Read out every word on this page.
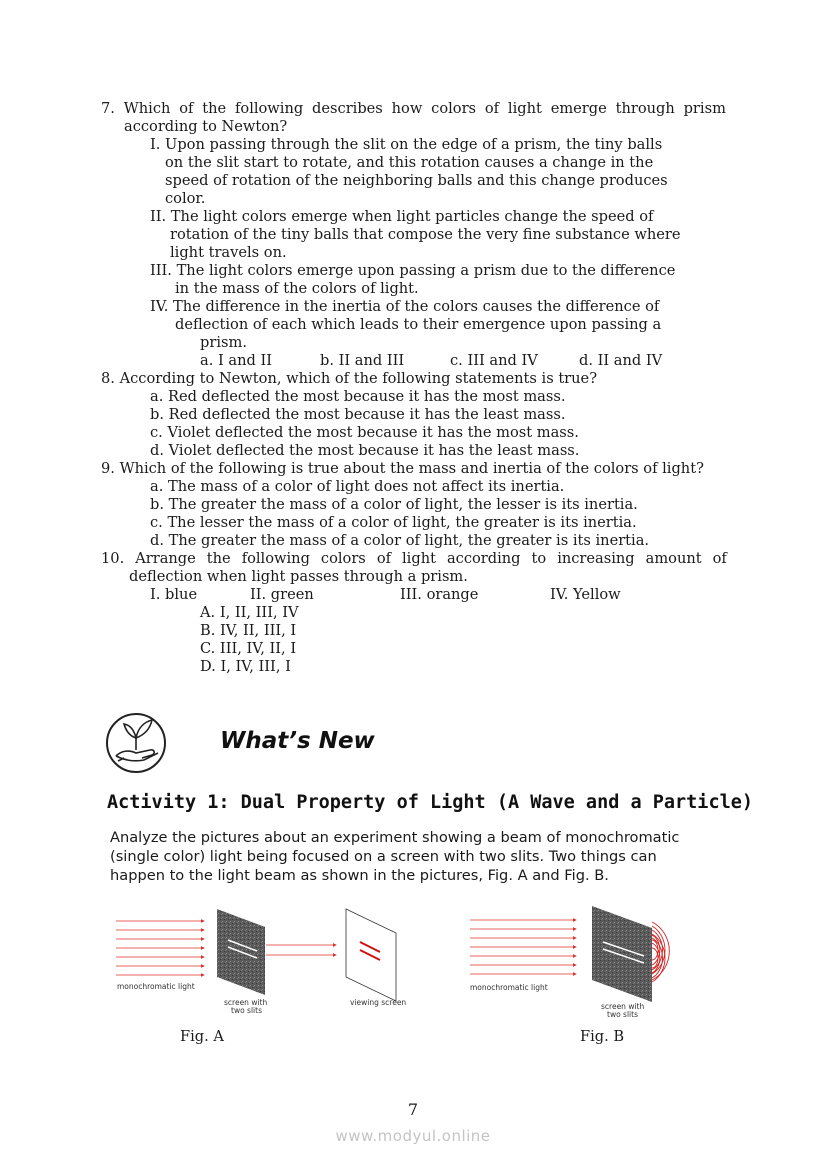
7. Which of the following describes how colors of light emerge through prism
according to Newton?
I. Upon passing through the slit on the edge of a prism, the tiny balls
on the slit start to rotate, and this rotation causes a change in the
speed of rotation of the neighboring balls and this change produces
color.
II. The light colors emerge when light particles change the speed of
rotation of the tiny balls that compose the very fine substance where
light travels on.
III. The light colors emerge upon passing a prism due to the difference
in the mass of the colors of light.
IV. The difference in the inertia of the colors causes the difference of
deflection of each which leads to their emergence upon passing a
prism.
a. I and II	b. II and III	c. III and IV	d. II and IV
8. According to Newton, which of the following statements is true?
a. Red deflected the most because it has the most mass.
b. Red deflected the most because it has the least mass.
c. Violet deflected the most because it has the most mass.
d. Violet deflected the most because it has the least mass.
9. Which of the following is true about the mass and inertia of the colors of light?
a. The mass of a color of light does not affect its inertia.
b. The greater the mass of a color of light, the lesser is its inertia.
c. The lesser the mass of a color of light, the greater is its inertia.
d. The greater the mass of a color of light, the greater is its inertia.
10. Arrange the following colors of light according to increasing amount of
deflection when light passes through a prism.
I. blue	II. green	III. orange	IV. Yellow
A. I, II, III, IV
B. IV, II, III, I
C. III, IV, II, I
D. I, IV, III, I
What’s New
Activity 1: Dual Property of Light (A Wave and a Particle)
Analyze the pictures about an experiment showing a beam of monochromatic
(single color) light being focused on a screen with two slits. Two things can
happen to the light beam as shown in the pictures, Fig. A and Fig. B.
monochromatic light
screen with
two slits
viewing screen
Fig. A
monochromatic light
screen with
two slits
Fig. B
7
www.modyul.online
